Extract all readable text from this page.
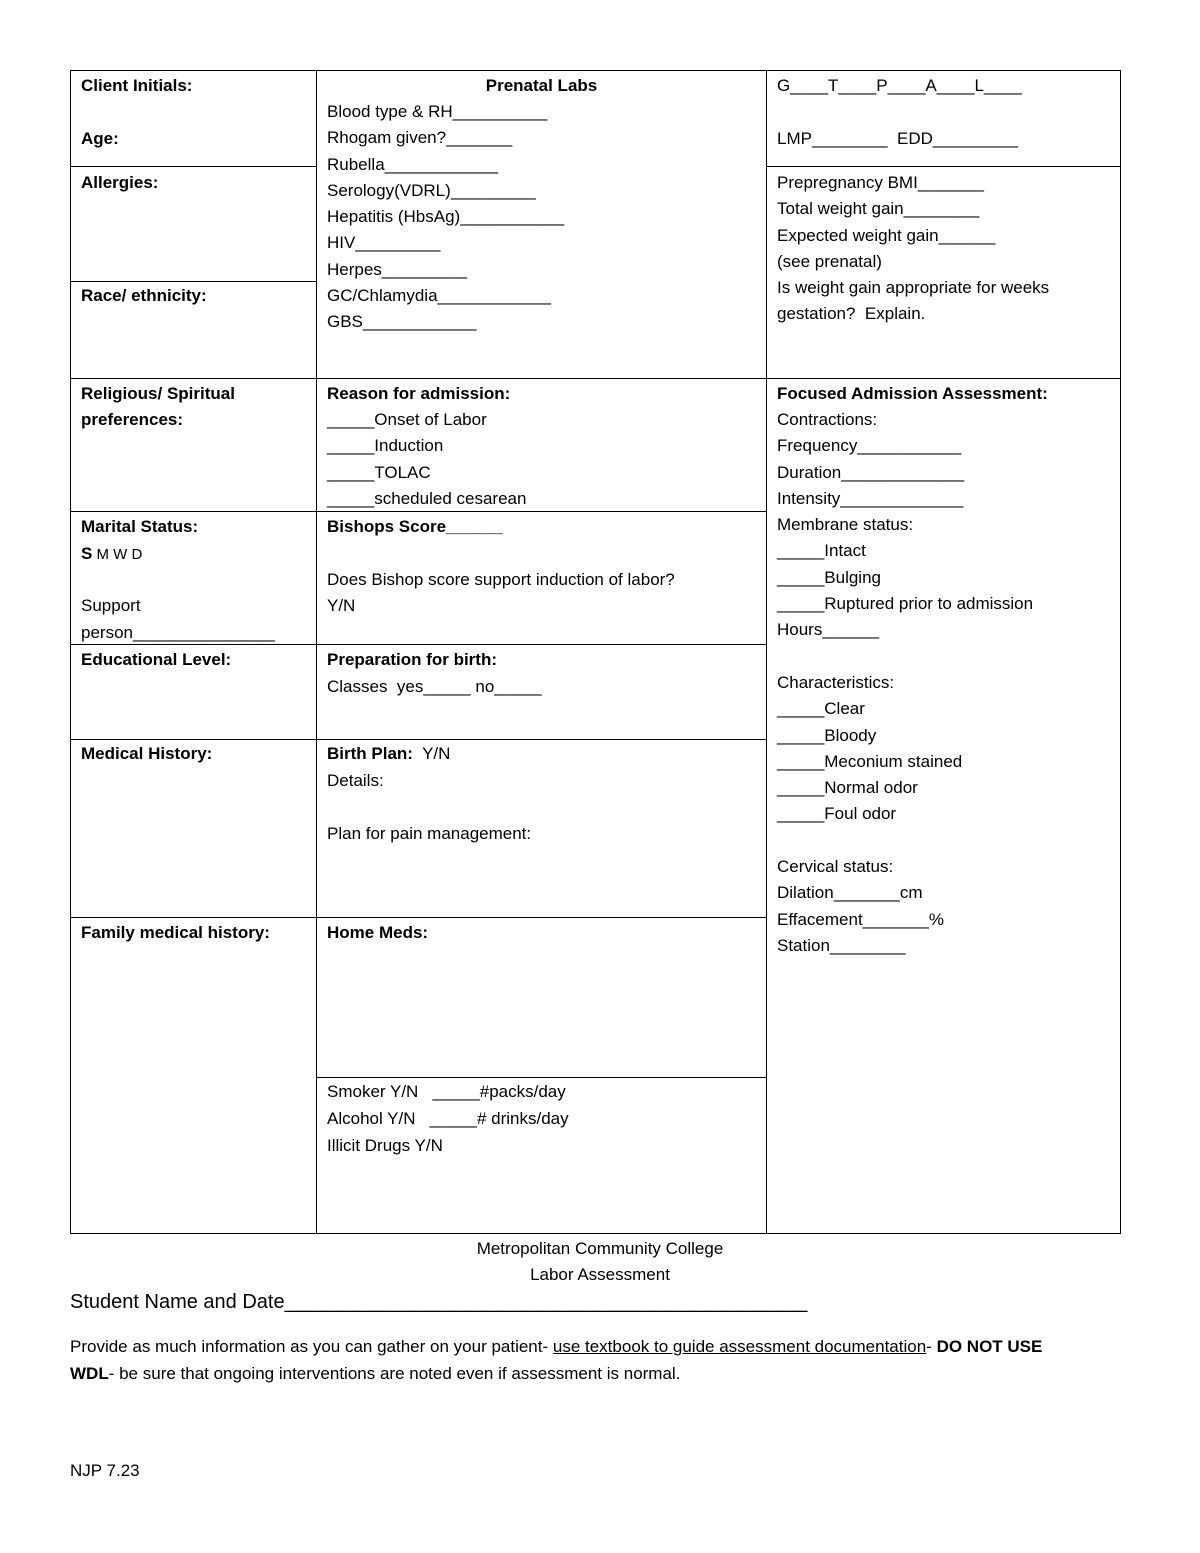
Client Initials:
Age:
Allergies:
Race/ ethnicity:
Religious/ Spiritual
preferences:
Marital Status:
S M W D
Support
person_______________
Educational Level:
Medical History:
Family medical history:
Prenatal Labs
Blood type & RH__________
Rhogam given?_______
Rubella____________
Serology(VDRL)_________
Hepatitis (HbsAg)___________
HIV_________
Herpes_________
GC/Chlamydia____________
GBS____________
Reason for admission:
_____Onset of Labor
_____Induction
_____TOLAC
_____scheduled cesarean
Bishops Score______
Does Bishop score support induction of labor?
Y/N
Preparation for birth:
Classes  yes_____ no_____
Birth Plan:  Y/N
Details:
Plan for pain management:
Home Meds:
Smoker Y/N   _____#packs/day
Alcohol Y/N   _____# drinks/day
Illicit Drugs Y/N
G____T____P____A____L____
LMP________  EDD_________
Prepregnancy BMI_______
Total weight gain________
Expected weight gain______
(see prenatal)
Is weight gain appropriate for weeks
gestation?  Explain.
Focused Admission Assessment:
Contractions:
Frequency___________
Duration_____________
Intensity_____________
Membrane status:
_____Intact
_____Bulging
_____Ruptured prior to admission
Hours______
Characteristics:
_____Clear
_____Bloody
_____Meconium stained
_____Normal odor
_____Foul odor
Cervical status:
Dilation_______cm
Effacement_______%
Station________
Metropolitan Community College
Labor Assessment
Student Name and Date_______________________________________________
Provide as much information as you can gather on your patient- use textbook to guide assessment documentation- DO NOT USE
WDL- be sure that ongoing interventions are noted even if assessment is normal.
NJP 7.23
